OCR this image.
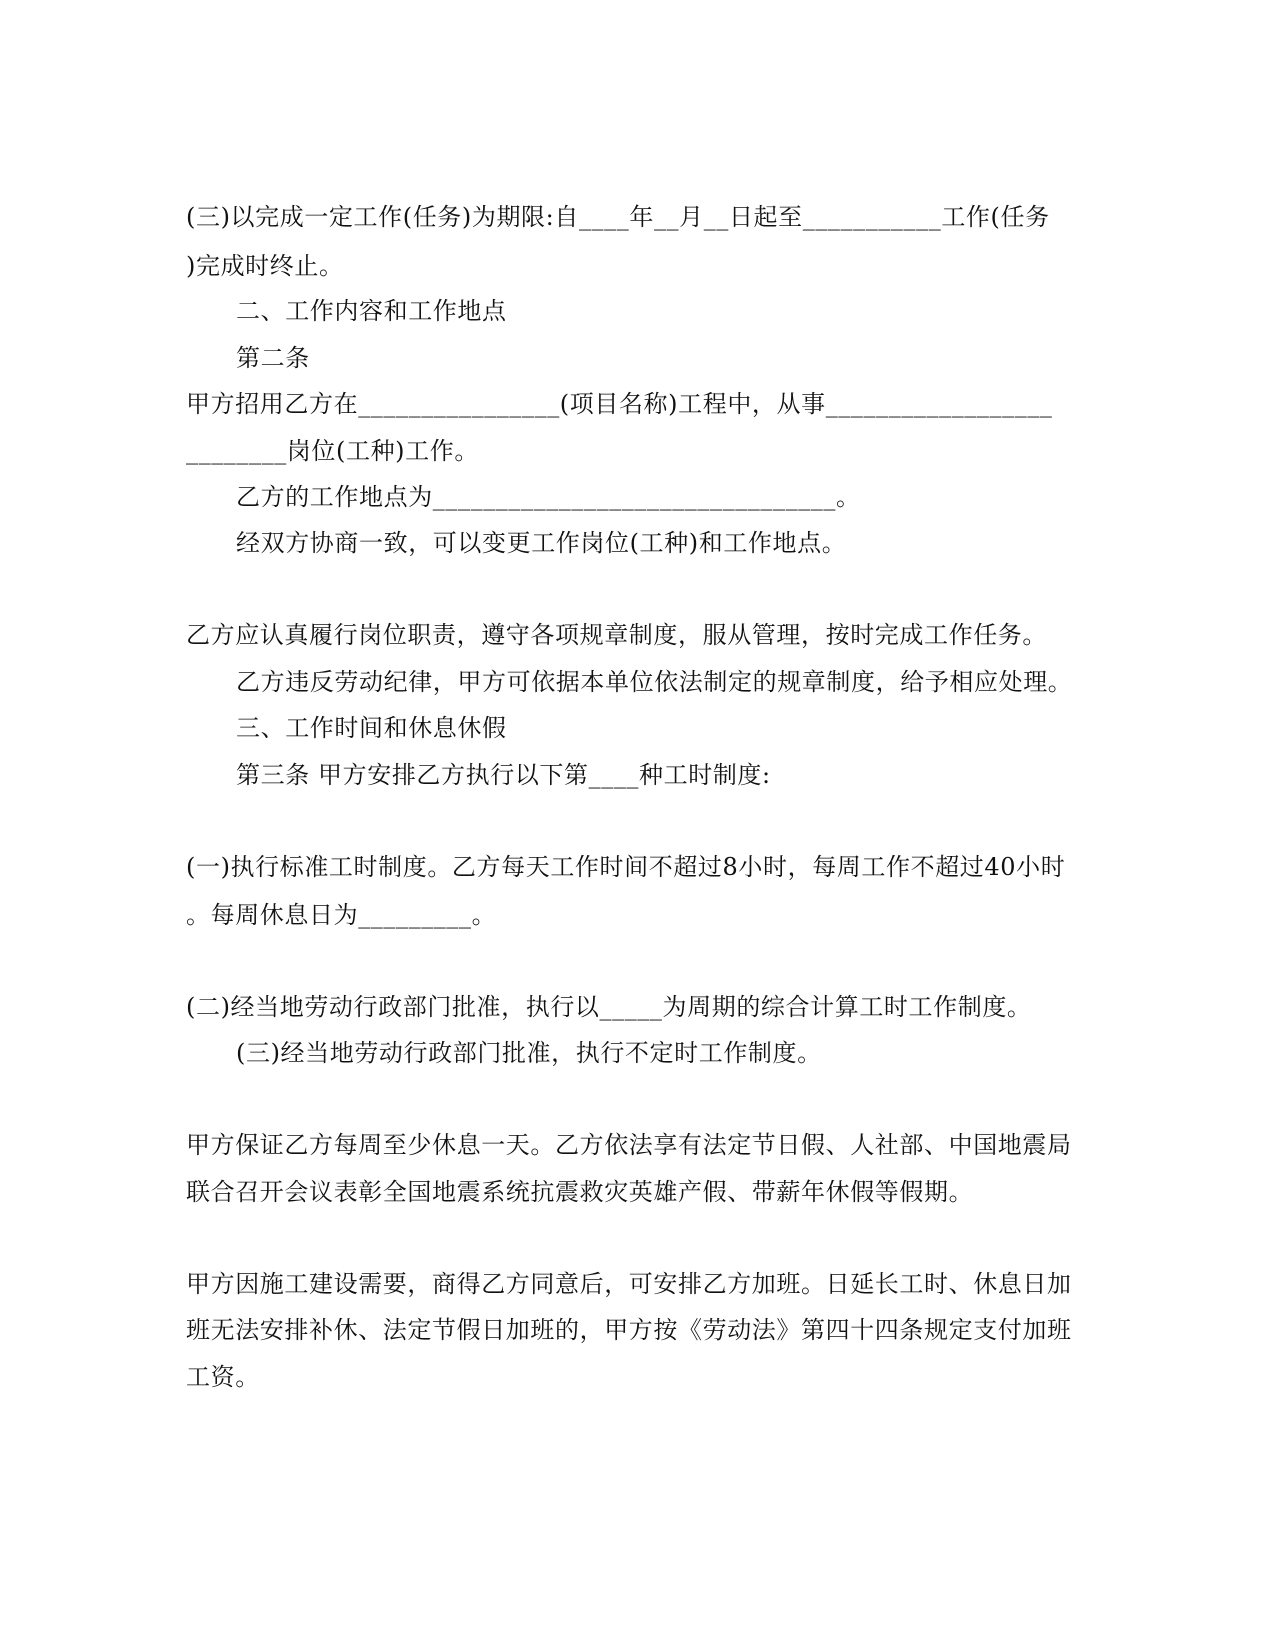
(三)以完成一定工作(任务)为期限:自____年__月__日起至___________工作(任务
)完成时终止。
二、工作内容和工作地点
第二条
甲方招用乙方在________________(项目名称)工程中，从事__________________
________岗位(工种)工作。
乙方的工作地点为________________________________。
经双方协商一致，可以变更工作岗位(工种)和工作地点。
乙方应认真履行岗位职责，遵守各项规章制度，服从管理，按时完成工作任务。
乙方违反劳动纪律，甲方可依据本单位依法制定的规章制度，给予相应处理。
三、工作时间和休息休假
第三条 甲方安排乙方执行以下第____种工时制度:
(一)执行标准工时制度。乙方每天工作时间不超过8小时，每周工作不超过40小时
。每周休息日为_________。
(二)经当地劳动行政部门批准，执行以_____为周期的综合计算工时工作制度。
(三)经当地劳动行政部门批准，执行不定时工作制度。
甲方保证乙方每周至少休息一天。乙方依法享有法定节日假、人社部、中国地震局
联合召开会议表彰全国地震系统抗震救灾英雄产假、带薪年休假等假期。
甲方因施工建设需要，商得乙方同意后，可安排乙方加班。日延长工时、休息日加
班无法安排补休、法定节假日加班的，甲方按《劳动法》第四十四条规定支付加班
工资。
